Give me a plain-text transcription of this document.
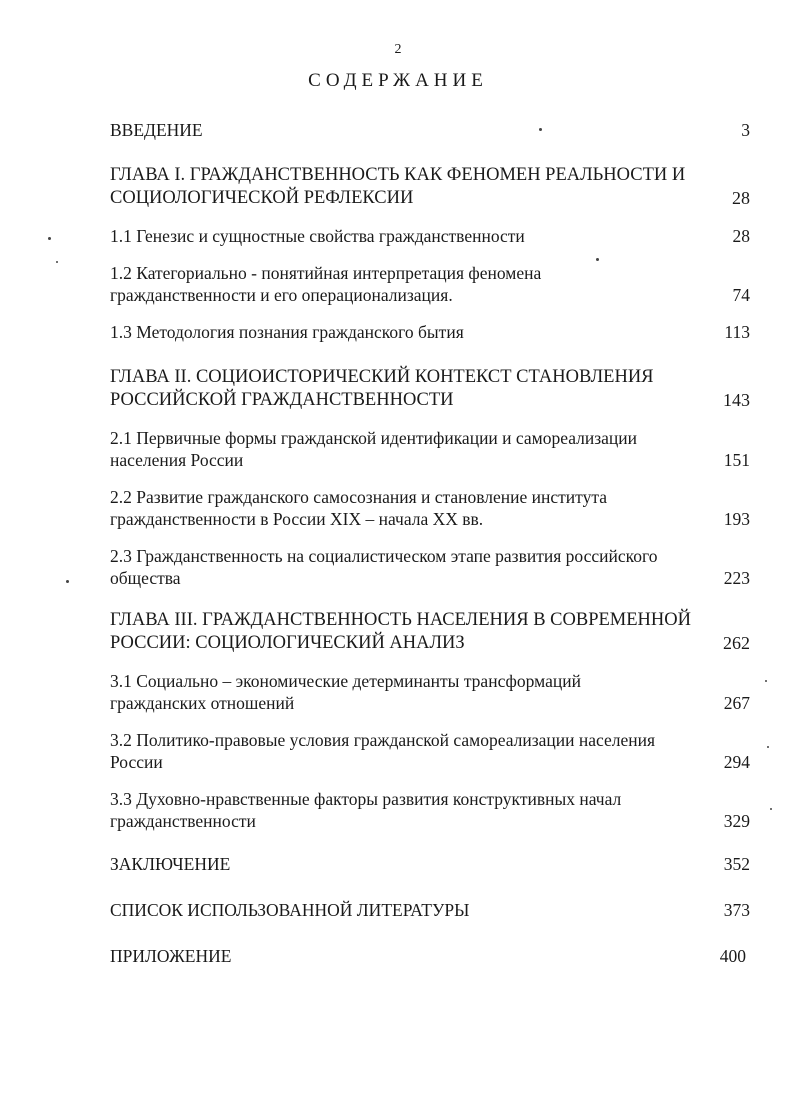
2
СОДЕРЖАНИЕ
ВВЕДЕНИЕ	3
ГЛАВА I. ГРАЖДАНСТВЕННОСТЬ КАК ФЕНОМЕН РЕАЛЬНОСТИ И
СОЦИОЛОГИЧЕСКОЙ РЕФЛЕКСИИ	28
1.1 Генезис и сущностные свойства гражданственности	28
1.2 Категориально - понятийная интерпретация феномена
гражданственности и его операционализация.	74
1.3 Методология познания гражданского бытия	113
ГЛАВА II. СОЦИОИСТОРИЧЕСКИЙ КОНТЕКСТ СТАНОВЛЕНИЯ
РОССИЙСКОЙ ГРАЖДАНСТВЕННОСТИ	143
2.1 Первичные формы гражданской идентификации и самореализации
населения России	151
2.2 Развитие гражданского самосознания и становление института
гражданственности в России XIX – начала XX вв.	193
2.3 Гражданственность на социалистическом этапе развития российского
общества	223
ГЛАВА III. ГРАЖДАНСТВЕННОСТЬ НАСЕЛЕНИЯ В СОВРЕМЕННОЙ
РОССИИ: СОЦИОЛОГИЧЕСКИЙ АНАЛИЗ	262
3.1 Социально – экономические детерминанты трансформаций
гражданских отношений	267
3.2 Политико-правовые условия гражданской самореализации населения
России	294
3.3 Духовно-нравственные факторы развития конструктивных начал
гражданственности	329
ЗАКЛЮЧЕНИЕ	352
СПИСОК ИСПОЛЬЗОВАННОЙ ЛИТЕРАТУРЫ	373
ПРИЛОЖЕНИЕ	400
